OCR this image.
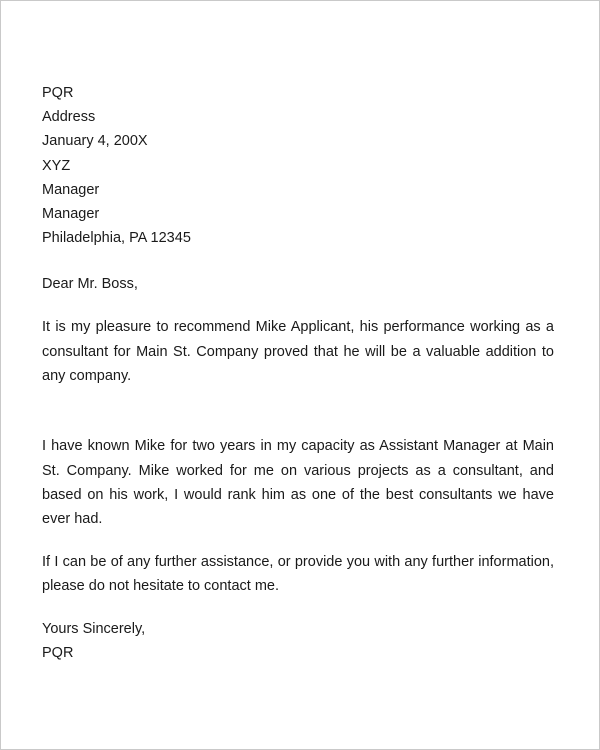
PQR
Address
January 4, 200X
XYZ
Manager
Manager
Philadelphia, PA 12345
Dear Mr. Boss,

It is my pleasure to recommend Mike Applicant, his performance working as a consultant for Main St. Company proved that he will be a valuable addition to any company.

I have known Mike for two years in my capacity as Assistant Manager at Main St. Company. Mike worked for me on various projects as a consultant, and based on his work, I would rank him as one of the best consultants we have ever had.

If I can be of any further assistance, or provide you with any further information, please do not hesitate to contact me.

Yours Sincerely,
PQR
